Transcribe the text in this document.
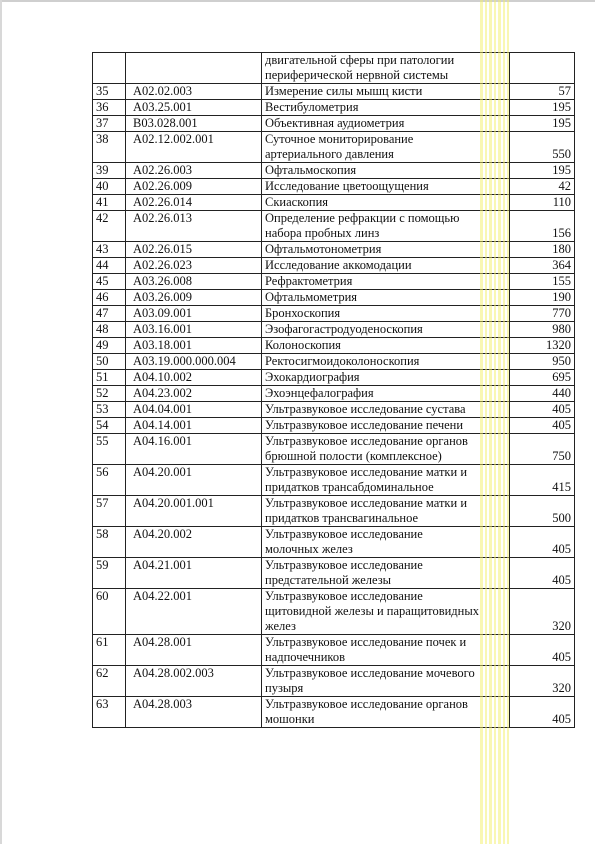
		двигательной сферы при патологии
периферической нервной системы	

35	A02.02.003	Измерение силы мышц кисти	57
36	A03.25.001	Вестибулометрия	195
37	B03.028.001	Объективная аудиометрия	195
38	A02.12.002.001	Суточное мониторирование
артериального давления	550
39	A02.26.003	Офтальмоскопия	195
40	A02.26.009	Исследование цветоощущения	42
41	A02.26.014	Скиаскопия	110
42	A02.26.013	Определение рефракции с помощью
набора пробных линз	156
43	A02.26.015	Офтальмотонометрия	180
44	A02.26.023	Исследование аккомодации	364
45	A03.26.008	Рефрактометрия	155
46	A03.26.009	Офтальмометрия	190
47	A03.09.001	Бронхоскопия	770
48	A03.16.001	Эзофагогастродуоденоскопия	980
49	A03.18.001	Колоноскопия	1320
50	A03.19.000.000.004	Ректосигмоидоколоноскопия	950
51	A04.10.002	Эхокардиография	695
52	A04.23.002	Эхоэнцефалография	440
53	A04.04.001	Ультразвуковое исследование сустава	405
54	A04.14.001	Ультразвуковое исследование печени	405
55	A04.16.001	Ультразвуковое исследование органов
брюшной полости (комплексное)	750
56	A04.20.001	Ультразвуковое исследование матки и
придатков трансабдоминальное	415
57	A04.20.001.001	Ультразвуковое исследование матки и
придатков трансвагинальное	500
58	A04.20.002	Ультразвуковое исследование
молочных желез	405
59	A04.21.001	Ультразвуковое исследование
предстательной железы	405
60	A04.22.001	Ультразвуковое исследование
щитовидной железы и паращитовидных
желез	320
61	A04.28.001	Ультразвуковое исследование почек и
надпочечников	405
62	A04.28.002.003	Ультразвуковое исследование мочевого
пузыря	320
63	A04.28.003	Ультразвуковое исследование органов
мошонки	405
